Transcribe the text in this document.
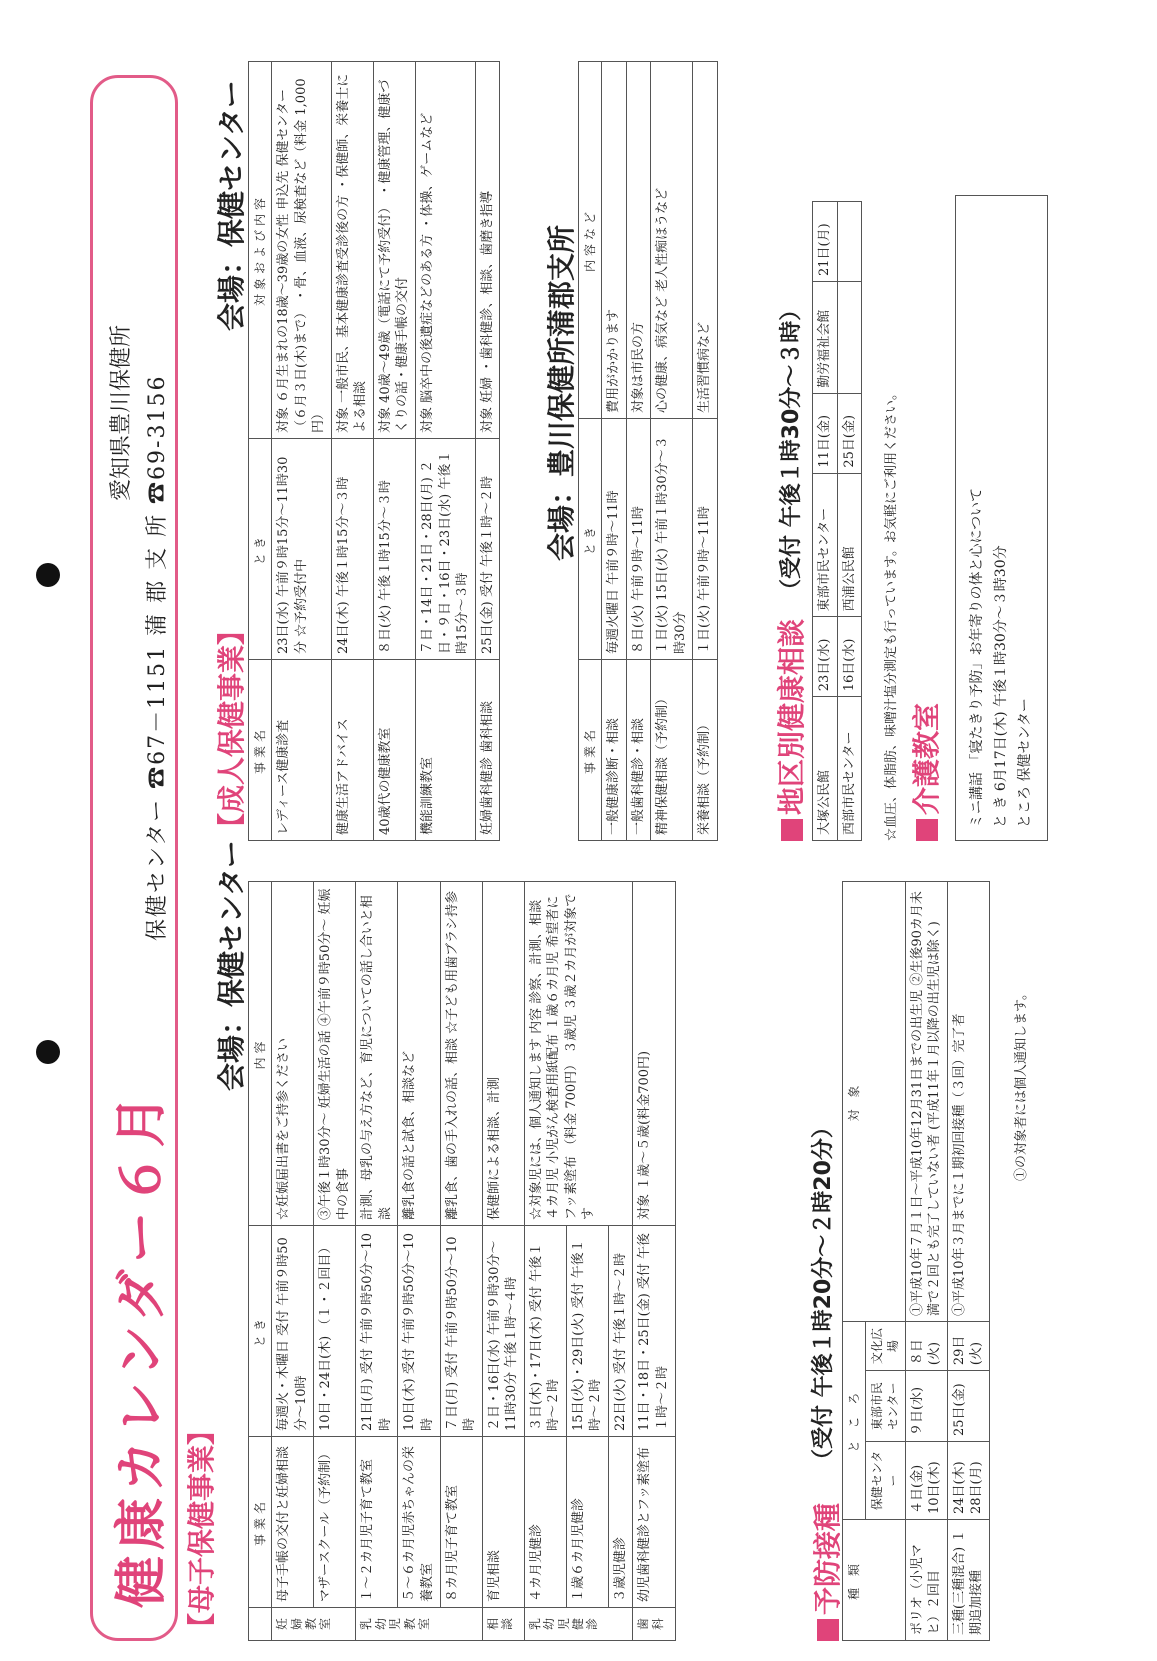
健康カレンダー６月
愛知県豊川保健所 保健センター ☎67－1151 蒲 郡 支 所 ☎69-3156
【母子保健事業】
会場：保健センター
	事業名	とき	内容
妊婦教室	母子手帳の交付と妊婦相談	毎週火・木曜日 受付 午前９時50分～10時	☆妊娠届出書をご持参ください
	マザースクール（予約制）	10日・24日(木) （１・２回目）	③午後１時30分～ 妊婦生活の話 ④午前９時50分～ 妊娠中の食事
乳幼児教室	１～２カ月児子育て教室	21日(月) 受付 午前９時50分～10時	計測、母乳の与え方など、育児についての話し合いと相談
	５～６カ月児赤ちゃんの栄養教室	10日(木) 受付 午前９時50分～10時	離乳食の話と試食、相談など
	８カ月児子育て教室	７日(月) 受付 午前９時50分～10時	離乳食、歯の手入れの話、相談 ☆子ども用歯ブラシ持参
相談	育児相談	２日・16日(水) 午前９時30分～11時30分 午後１時～４時	保健師による相談、計測
乳幼児健診	４カ月児健診	３日(木)・17日(木) 受付 午後１時～２時	☆対象児には、個人通知します 内容 診察、計測、相談 ４カ月児 小児がん検査用紙配布 １歳６カ月児 希望者にフッ素塗布 （料金 700円） ３歳児 ３歳２カ月が対象です
	１歳６カ月児健診	15日(火)・29日(火) 受付 午後１時～２時	
	３歳児健診	22日(火) 受付 午後１時～２時	
歯科	幼児歯科健診とフッ素塗布	11日・18日・25日(金) 受付 午後１時～２時	対象 １歳～５歳(料金700円)
予防接種
（受付 午後１時20分～２時20分）
種 類	と こ ろ			対 象
	保健センター	東部市民センター	文化広場	
ポリオ（小児マヒ）２回目	４日(金) 10日(木)	９日(水)	８日(火)	①平成10年７月１日～平成10年12月31日までの出生児 ②生後90カ月未満で２回とも完了していない者 (平成11年１月以降の出生児は除く)
三種(三種混合) １期追加接種	24日(木) 28日(月)	25日(金)	29日(火)	①平成10年３月までに１期初回接種（３回）完了者	①の対象者には個人通知します。
【成人保健事業】
会場：保健センター
事業名	とき	対象および内容
レディース健康診査	23日(水) 午前９時15分～11時30分 ☆予約受付中	対象 ６月生まれの18歳～39歳の女性 申込先 保健センター（６月３日(木)まで） ・骨、血液、尿検査など（料金 1,000円）
健康生活アドバイス	24日(木) 午後１時15分～３時	対象 一般市民、基本健康診査受診後の方 ・保健師、栄養士による相談
40歳代の健康教室	８日(火) 午後１時15分～３時	対象 40歳～49歳（電話にて予約受付） ・健康管理、健康づくりの話・健康手帳の交付
機能訓練教室	７日・14日・21日・28日(月) ２日・９日・16日・23日(水) 午後１時15分～３時	対象 脳卒中の後遺症などのある方 ・体操、ゲームなど
妊婦歯科健診 歯科相談	25日(金) 受付 午後１時～２時	対象 妊婦 ・歯科健診、相談、歯磨き指導 会場：豊川保健所蒲郡支所
事業名	とき	内容など
一般健康診断・相談	毎週火曜日 午前９時～11時	費用がかかります
一般歯科健診・相談	８日(火) 午前９時～11時	対象は市民の方
精神保健相談（予約制）	１日(火) 15日(火) 午前１時30分～３時30分	心の健康、病気など 老人性痴ほうなど
栄養相談（予約制）	１日(火) 午前９時～11時	生活習慣病など
地区別健康相談
（受付 午後１時30分～３時）
大塚公民館	23日(水)	東部市民センター	11日(金)	勤労福祉会館	21日(月)
西部市民センター	16日(水)	西浦公民館	25日(金)			☆血圧、体脂肪、味噌汁塩分測定も行っています。お気軽にご利用ください。 介護教室 ミニ講話 「寝たきり予防」お年寄りの体と心について と き 6月17日(木) 午後１時30分～３時30分 ところ 保健センター
